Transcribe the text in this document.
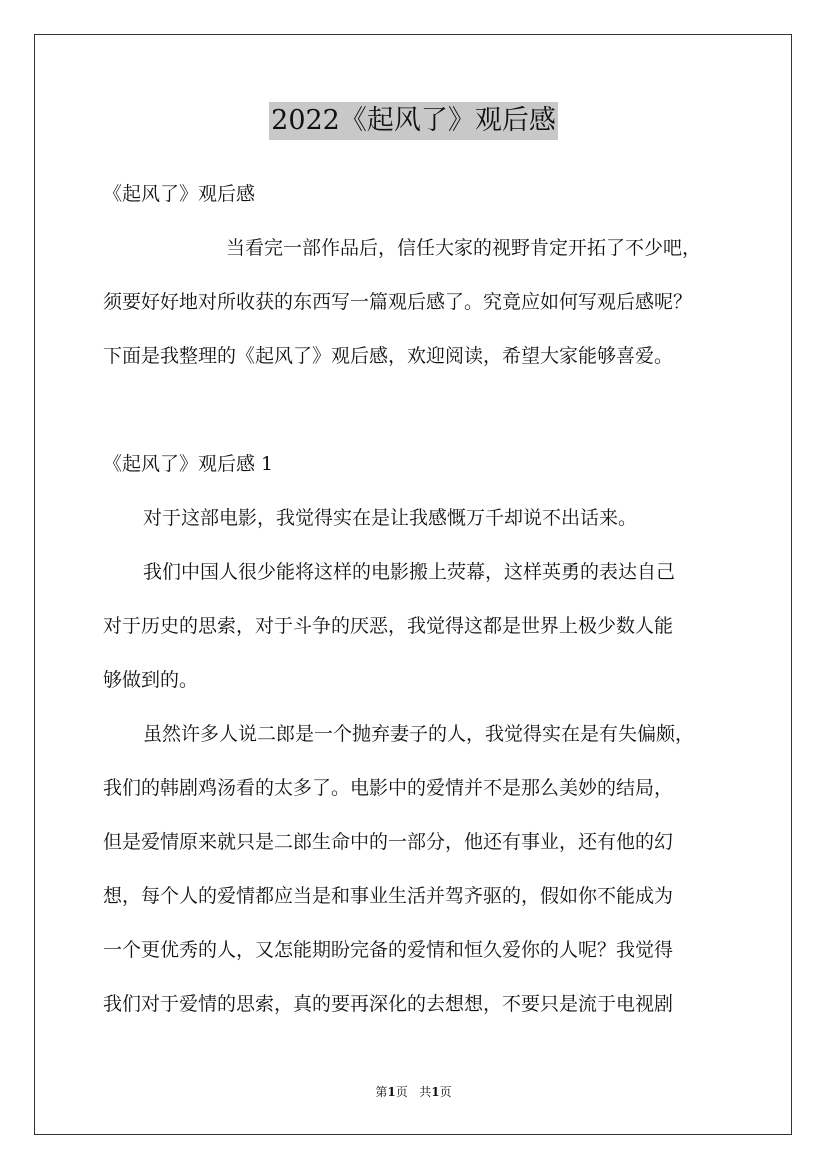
2022《起风了》观后感
《起风了》观后感
当看完一部作品后，信任大家的视野肯定开拓了不少吧，
须要好好地对所收获的东西写一篇观后感了。究竟应如何写观后感呢？
下面是我整理的《起风了》观后感，欢迎阅读，希望大家能够喜爱。
《起风了》观后感 1
对于这部电影，我觉得实在是让我感慨万千却说不出话来。
我们中国人很少能将这样的电影搬上荧幕，这样英勇的表达自己
对于历史的思索，对于斗争的厌恶，我觉得这都是世界上极少数人能
够做到的。
虽然许多人说二郎是一个抛弃妻子的人，我觉得实在是有失偏颇，
我们的韩剧鸡汤看的太多了。电影中的爱情并不是那么美妙的结局，
但是爱情原来就只是二郎生命中的一部分，他还有事业，还有他的幻
想，每个人的爱情都应当是和事业生活并驾齐驱的，假如你不能成为
一个更优秀的人，又怎能期盼完备的爱情和恒久爱你的人呢？我觉得
我们对于爱情的思索，真的要再深化的去想想，不要只是流于电视剧
第1页 共1页
